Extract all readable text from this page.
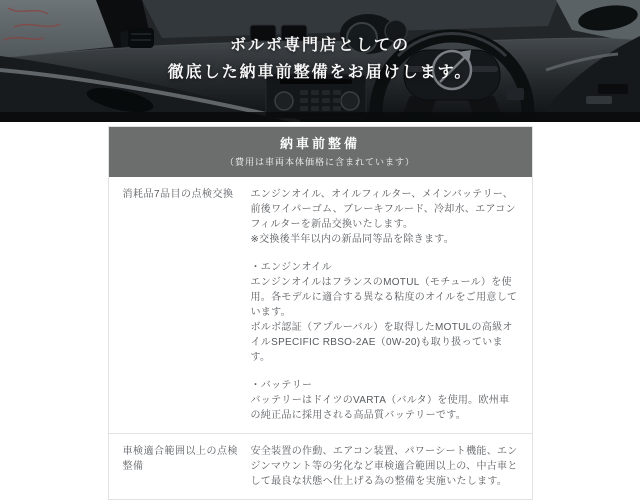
ボルボ専門店としての
徹底した納車前整備をお届けします。
納車前整備
（費用は車両本体価格に含まれています）
消耗品7品目の点検交換	エンジンオイル、オイルフィルター、メインバッテリー、前後ワイパーゴム、ブレーキフルード、冷却水、エアコンフィルターを新品交換いたします。

※交換後半年以内の新品同等品を除きます。

・エンジンオイル

エンジンオイルはフランスのMOTUL（モチュール）を使用。各モデルに適合する異なる粘度のオイルをご用意しています。

ボルボ認証（アプルーバル）を取得したMOTULの高級オイルSPECIFIC RBSO-2AE（0W-20)も取り扱っています。

・バッテリー

バッテリーはドイツのVARTA（バルタ）を使用。欧州車の純正品に採用される高品質バッテリーです。

車検適合範囲以上の点検整備

安全装置の作動、エアコン装置、パワーシート機能、エンジンマウント等の劣化など車検適合範囲以上の、中古車として最良な状態へ仕上げる為の整備を実施いたします。
